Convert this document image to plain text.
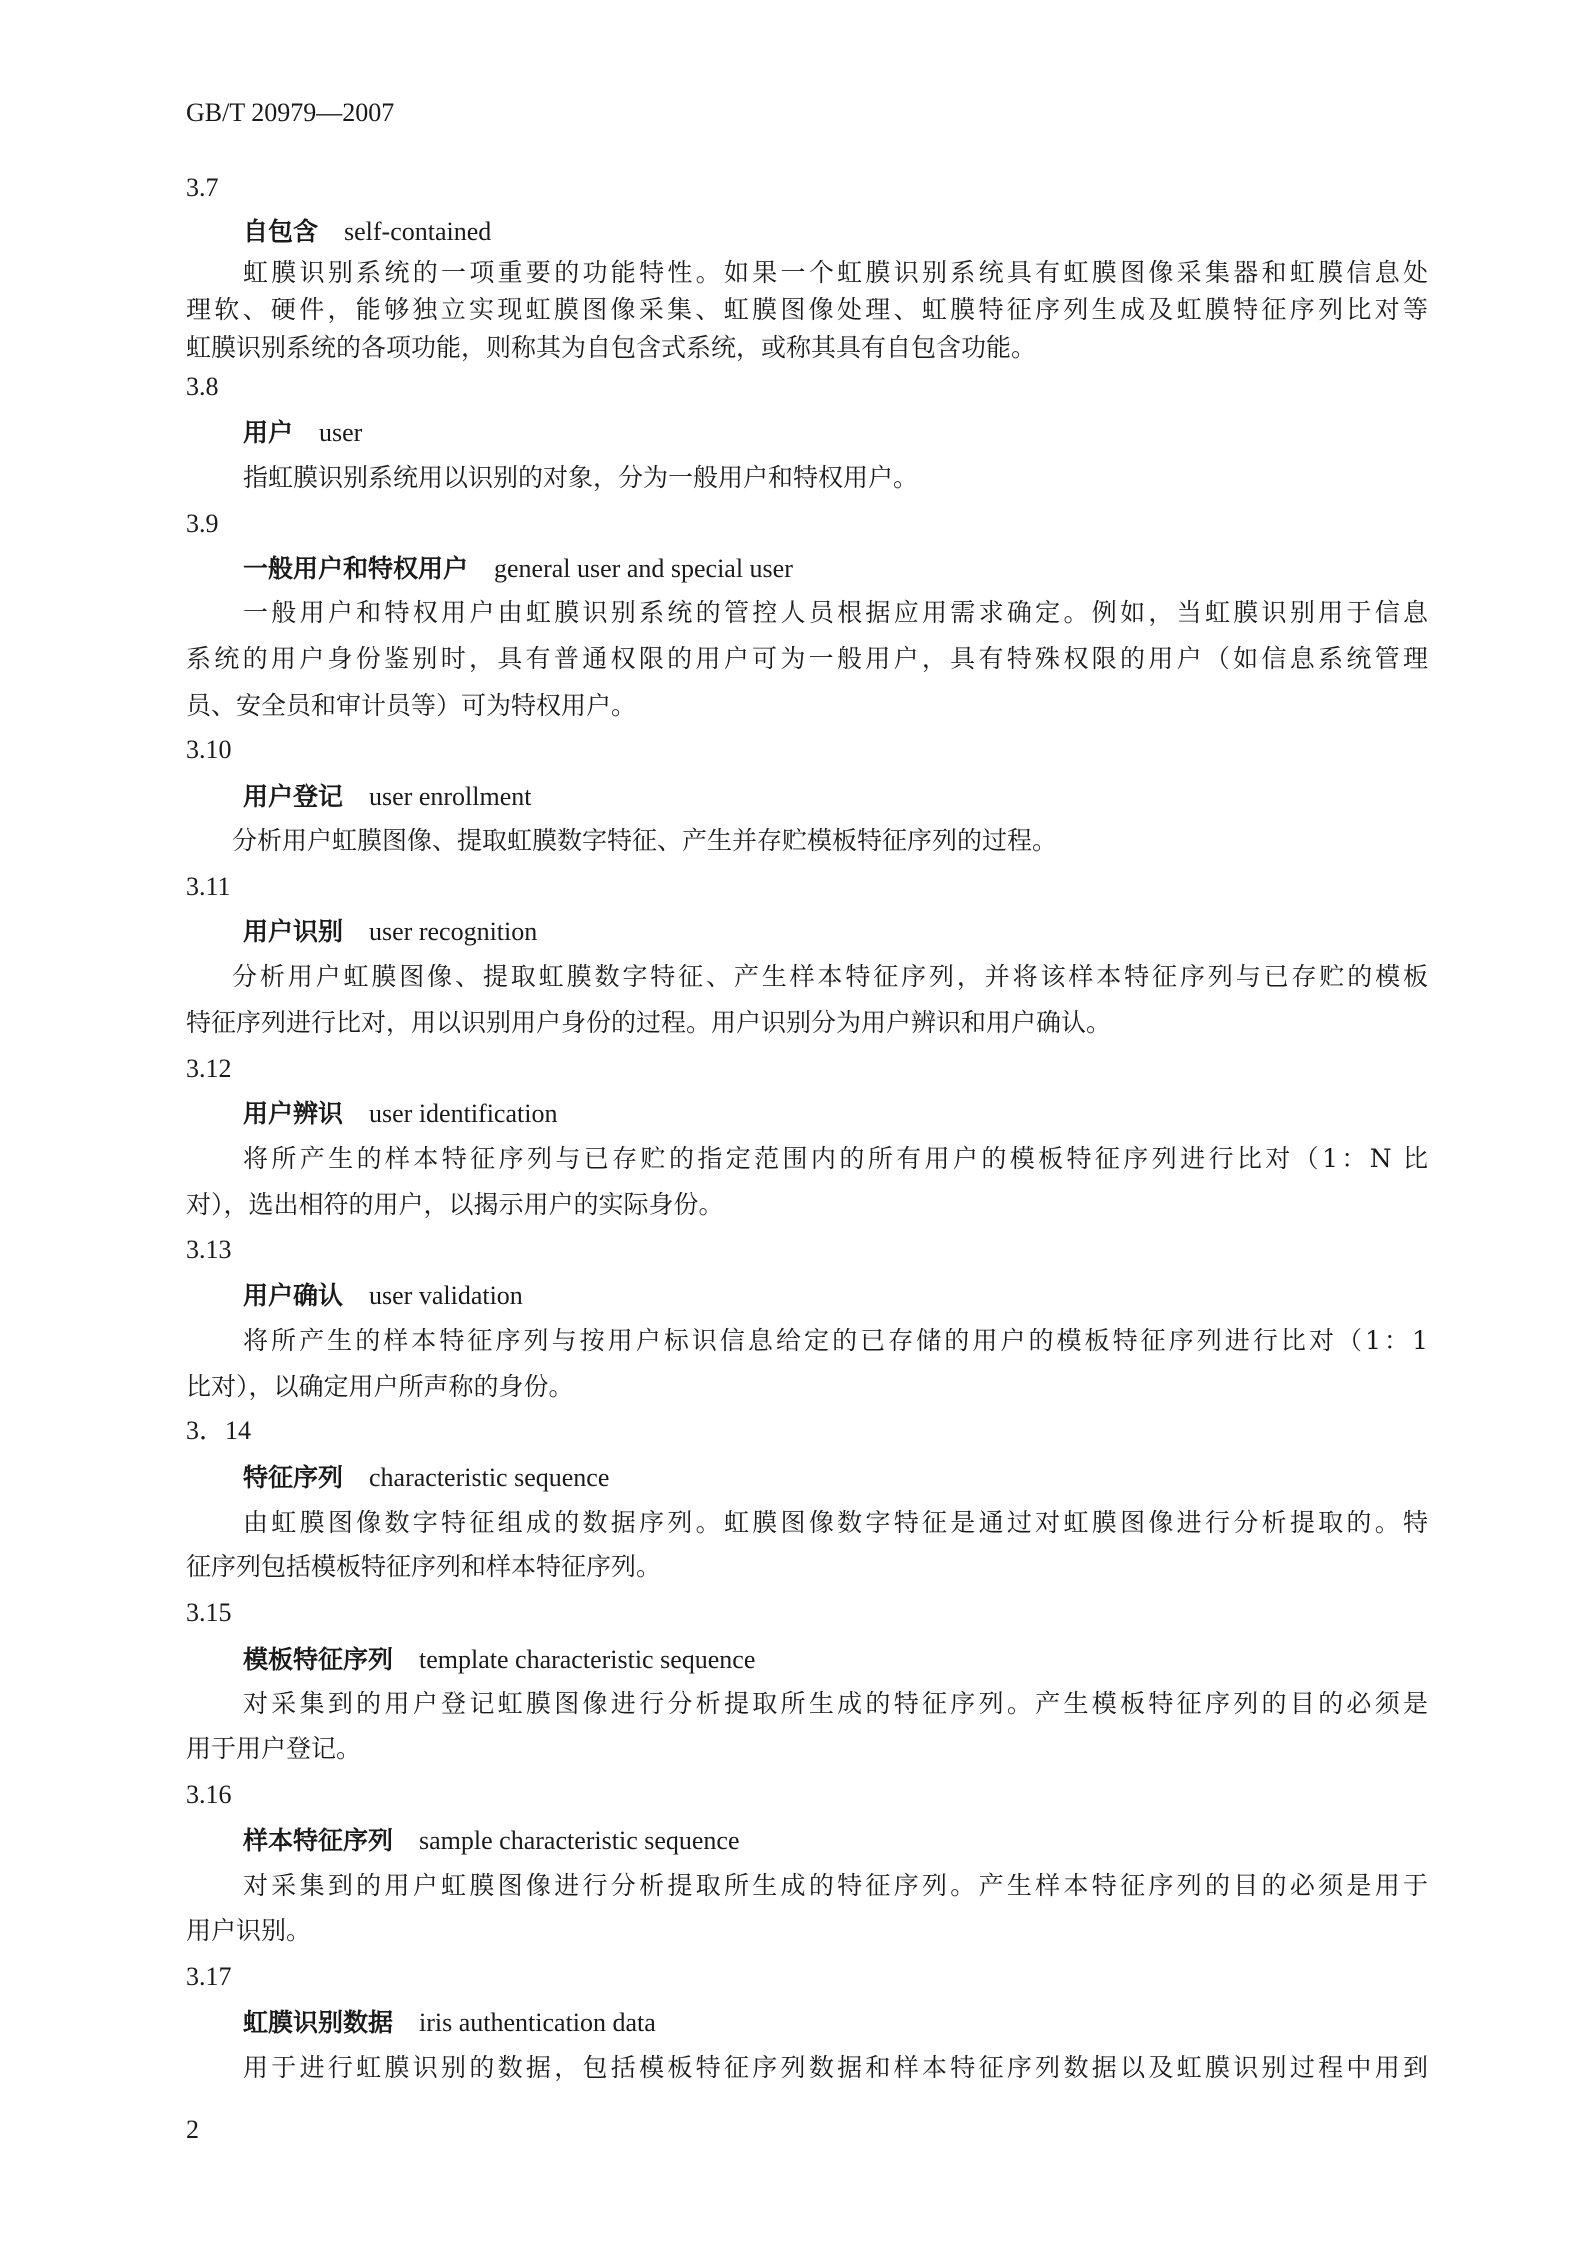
GB/T 20979—2007
3.7
自包含 self-contained
虹膜识别系统的一项重要的功能特性。如果一个虹膜识别系统具有虹膜图像采集器和虹膜信息处
理软、硬件，能够独立实现虹膜图像采集、虹膜图像处理、虹膜特征序列生成及虹膜特征序列比对等
虹膜识别系统的各项功能，则称其为自包含式系统，或称其具有自包含功能。
3.8
用户 user
指虹膜识别系统用以识别的对象，分为一般用户和特权用户。
3.9
一般用户和特权用户 general user and special user
一般用户和特权用户由虹膜识别系统的管控人员根据应用需求确定。例如，当虹膜识别用于信息
系统的用户身份鉴别时，具有普通权限的用户可为一般用户，具有特殊权限的用户（如信息系统管理
员、安全员和审计员等）可为特权用户。
3.10
用户登记 user enrollment
分析用户虹膜图像、提取虹膜数字特征、产生并存贮模板特征序列的过程。
3.11
用户识别 user recognition
分析用户虹膜图像、提取虹膜数字特征、产生样本特征序列，并将该样本特征序列与已存贮的模板
特征序列进行比对，用以识别用户身份的过程。用户识别分为用户辨识和用户确认。
3.12
用户辨识 user identification
将所产生的样本特征序列与已存贮的指定范围内的所有用户的模板特征序列进行比对（1：N 比
对），选出相符的用户，以揭示用户的实际身份。
3.13
用户确认 user validation
将所产生的样本特征序列与按用户标识信息给定的已存储的用户的模板特征序列进行比对（1：1
比对），以确定用户所声称的身份。
3．14
特征序列 characteristic sequence
由虹膜图像数字特征组成的数据序列。虹膜图像数字特征是通过对虹膜图像进行分析提取的。特
征序列包括模板特征序列和样本特征序列。
3.15
模板特征序列 template characteristic sequence
对采集到的用户登记虹膜图像进行分析提取所生成的特征序列。产生模板特征序列的目的必须是
用于用户登记。
3.16
样本特征序列 sample characteristic sequence
对采集到的用户虹膜图像进行分析提取所生成的特征序列。产生样本特征序列的目的必须是用于
用户识别。
3.17
虹膜识别数据 iris authentication data
用于进行虹膜识别的数据，包括模板特征序列数据和样本特征序列数据以及虹膜识别过程中用到
2
